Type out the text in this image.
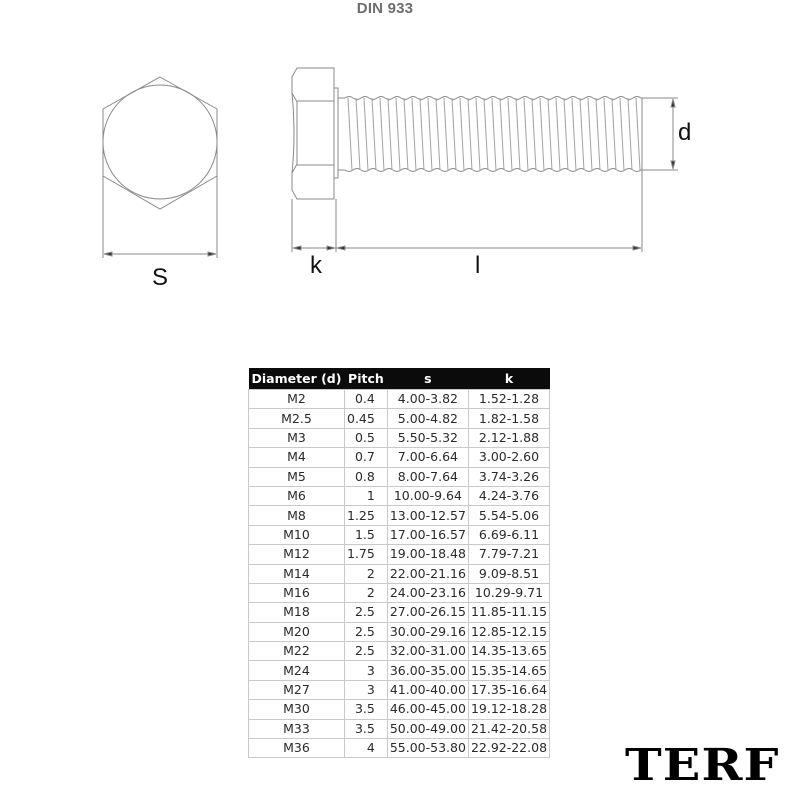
DIN 933
S	k	l
d
Diameter (d)	Pitch	s	k
M2	0.4	4.00-3.82	1.52-1.28
M2.5	0.45	5.00-4.82	1.82-1.58
M3	0.5	5.50-5.32	2.12-1.88
M4	0.7	7.00-6.64	3.00-2.60
M5	0.8	8.00-7.64	3.74-3.26
M6	1	10.00-9.64	4.24-3.76
M8	1.25	13.00-12.57	5.54-5.06
M10	1.5	17.00-16.57	6.69-6.11
M12	1.75	19.00-18.48	7.79-7.21
M14	2	22.00-21.16	9.09-8.51
M16	2	24.00-23.16	10.29-9.71
M18	2.5	27.00-26.15	11.85-11.15
M20	2.5	30.00-29.16	12.85-12.15
M22	2.5	32.00-31.00	14.35-13.65
M24	3	36.00-35.00	15.35-14.65
M27	3	41.00-40.00	17.35-16.64
M30	3.5	46.00-45.00	19.12-18.28
M33	3.5	50.00-49.00	21.42-20.58
M36	4	55.00-53.80	22.92-22.08 TERF
